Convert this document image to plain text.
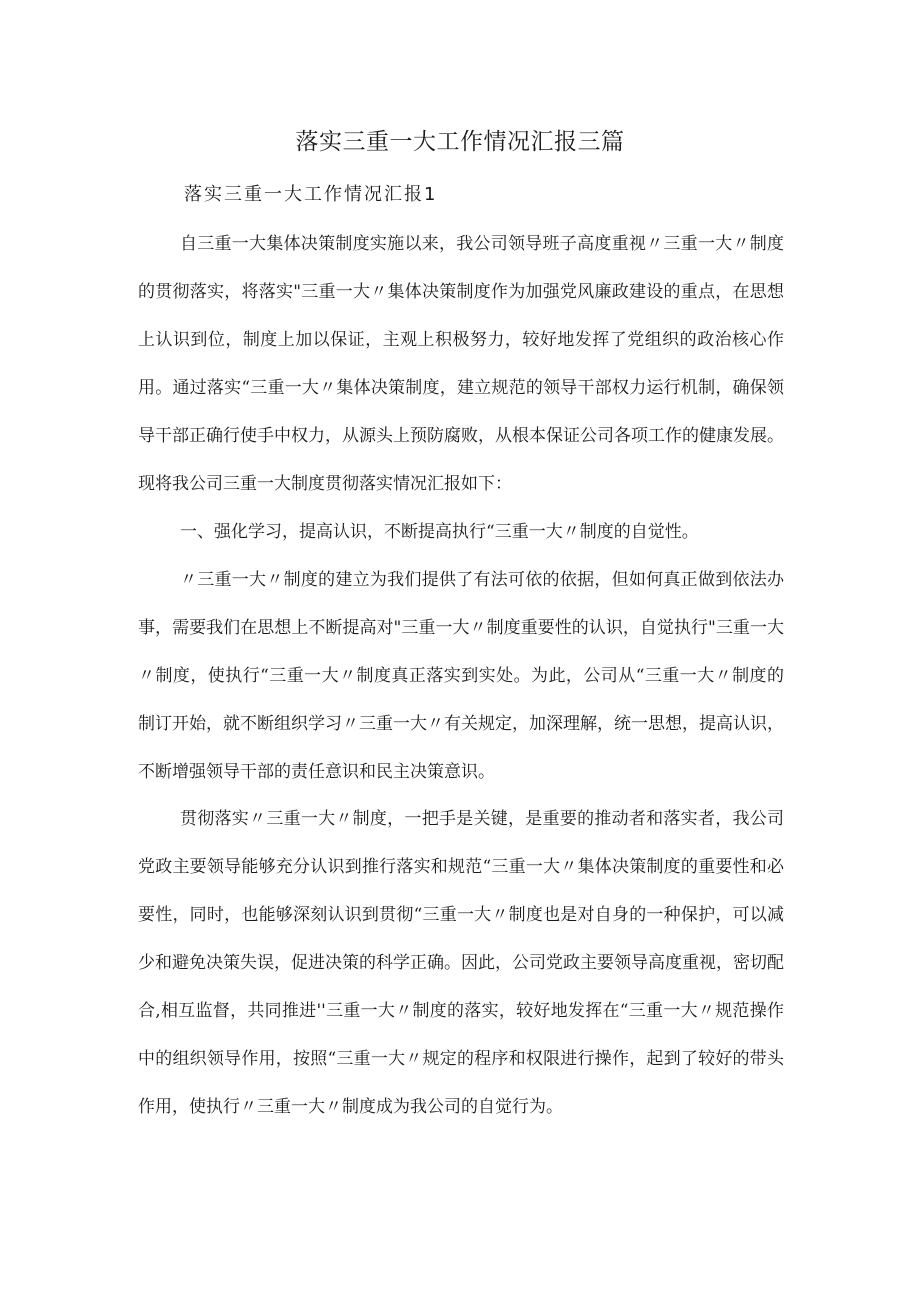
落实三重一大工作情况汇报三篇
落实三重一大工作情况汇报1

自三重一大集体决策制度实施以来，我公司领导班子高度重视〃三重一大〃制度的贯彻落实，将落实"三重一大〃集体决策制度作为加强党风廉政建设的重点，在思想上认识到位，制度上加以保证，主观上积极努力，较好地发挥了党组织的政治核心作用。通过落实“三重一大〃集体决策制度，建立规范的领导干部权力运行机制，确保领导干部正确行使手中权力，从源头上预防腐败，从根本保证公司各项工作的健康发展。现将我公司三重一大制度贯彻落实情况汇报如下：

一、强化学习，提高认识，不断提高执行“三重一大〃制度的自觉性。

〃三重一大〃制度的建立为我们提供了有法可依的依据，但如何真正做到依法办事，需要我们在思想上不断提高对"三重一大〃制度重要性的认识，自觉执行"三重一大〃制度，使执行“三重一大〃制度真正落实到实处。为此，公司从“三重一大〃制度的制订开始，就不断组织学习〃三重一大〃有关规定，加深理解，统一思想，提高认识，不断增强领导干部的责任意识和民主决策意识。

贯彻落实〃三重一大〃制度，一把手是关键，是重要的推动者和落实者，我公司党政主要领导能够充分认识到推行落实和规范“三重一大〃集体决策制度的重要性和必要性，同时，也能够深刻认识到贯彻“三重一大〃制度也是对自身的一种保护，可以减少和避免决策失误，促进决策的科学正确。因此，公司党政主要领导高度重视，密切配合,相互监督，共同推进''三重一大〃制度的落实，较好地发挥在“三重一大〃规范操作中的组织领导作用，按照“三重一大〃规定的程序和权限进行操作，起到了较好的带头作用，使执行〃三重一大〃制度成为我公司的自觉行为。
